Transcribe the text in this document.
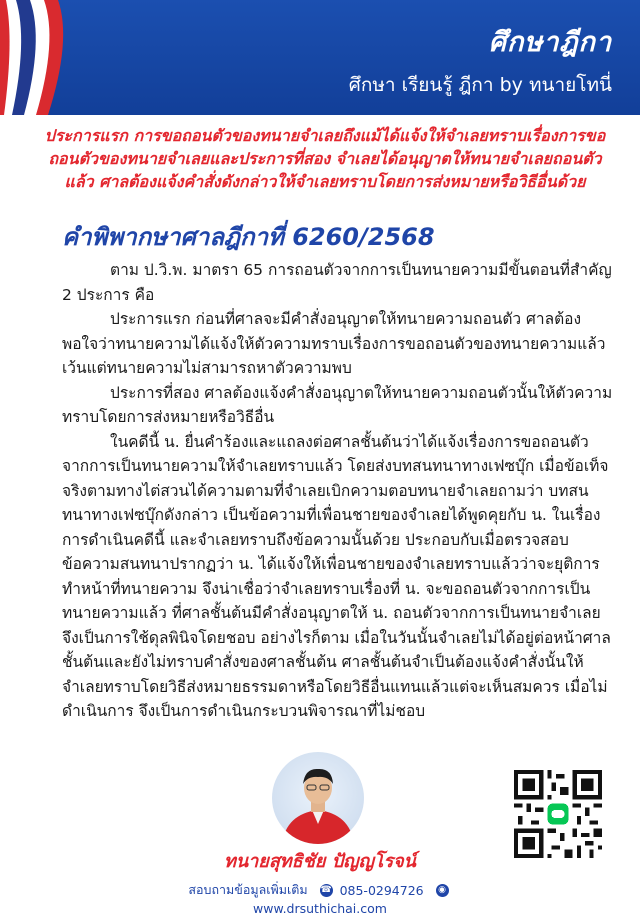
ศึกษาฎีกา
ศึกษา เรียนรู้ ฎีกา by ทนายโทนี่
ประการแรก การขอถอนตัวของทนายจำเลยถึงแม้ได้แจ้งให้จำเลยทราบเรื่องการขอถอนตัวของทนายจำเลยและประการที่สอง จำเลยได้อนุญาตให้ทนายจำเลยถอนตัวแล้ว ศาลต้องแจ้งคำสั่งดังกล่าวให้จำเลยทราบโดยการส่งหมายหรือวิธีอื่นด้วย
คำพิพากษาศาลฎีกาที่ 6260/2568

ตาม ป.วิ.พ. มาตรา 65 การถอนตัวจากการเป็นทนายความมีขั้นตอนที่สำคัญ 2 ประการ คือ

ประการแรก ก่อนที่ศาลจะมีคำสั่งอนุญาตให้ทนายความถอนตัว ศาลต้องพอใจว่าทนายความได้แจ้งให้ตัวความทราบเรื่องการขอถอนตัวของทนายความแล้ว เว้นแต่ทนายความไม่สามารถหาตัวความพบ

ประการที่สอง ศาลต้องแจ้งคำสั่งอนุญาตให้ทนายความถอนตัวนั้นให้ตัวความทราบโดยการส่งหมายหรือวิธีอื่น

ในคดีนี้ น. ยื่นคำร้องและแถลงต่อศาลชั้นต้นว่าได้แจ้งเรื่องการขอถอนตัวจากการเป็นทนายความให้จำเลยทราบแล้ว โดยส่งบทสนทนาทางเฟซบุ๊ก เมื่อข้อเท็จจริงตามทางไต่สวนได้ความตามที่จำเลยเบิกความตอบทนายจำเลยถามว่า บทสนทนาทางเฟซบุ๊กดังกล่าว เป็นข้อความที่เพื่อนชายของจำเลยได้พูดคุยกับ น. ในเรื่องการดำเนินคดีนี้ และจำเลยทราบถึงข้อความนั้นด้วย ประกอบกับเมื่อตรวจสอบข้อความสนทนาปรากฏว่า น. ได้แจ้งให้เพื่อนชายของจำเลยทราบแล้วว่าจะยุติการทำหน้าที่ทนายความ จึงน่าเชื่อว่าจำเลยทราบเรื่องที่ น. จะขอถอนตัวจากการเป็นทนายความแล้ว ที่ศาลชั้นต้นมีคำสั่งอนุญาตให้ น. ถอนตัวจากการเป็นทนายจำเลยจึงเป็นการใช้ดุลพินิจโดยชอบ อย่างไรก็ตาม เมื่อในวันนั้นจำเลยไม่ได้อยู่ต่อหน้าศาลชั้นต้นและยังไม่ทราบคำสั่งของศาลชั้นต้น ศาลชั้นต้นจำเป็นต้องแจ้งคำสั่งนั้นให้จำเลยทราบโดยวิธีส่งหมายธรรมดาหรือโดยวิธีอื่นแทนแล้วแต่จะเห็นสมควร เมื่อไม่ดำเนินการ จึงเป็นการดำเนินกระบวนพิจารณาที่ไม่ชอบ

ทนายสุทธิชัย ปัญญโรจน์
สอบถามข้อมูลเพิ่มเติม ☎ 085-0294726 ◉ www.drsuthichai.com
